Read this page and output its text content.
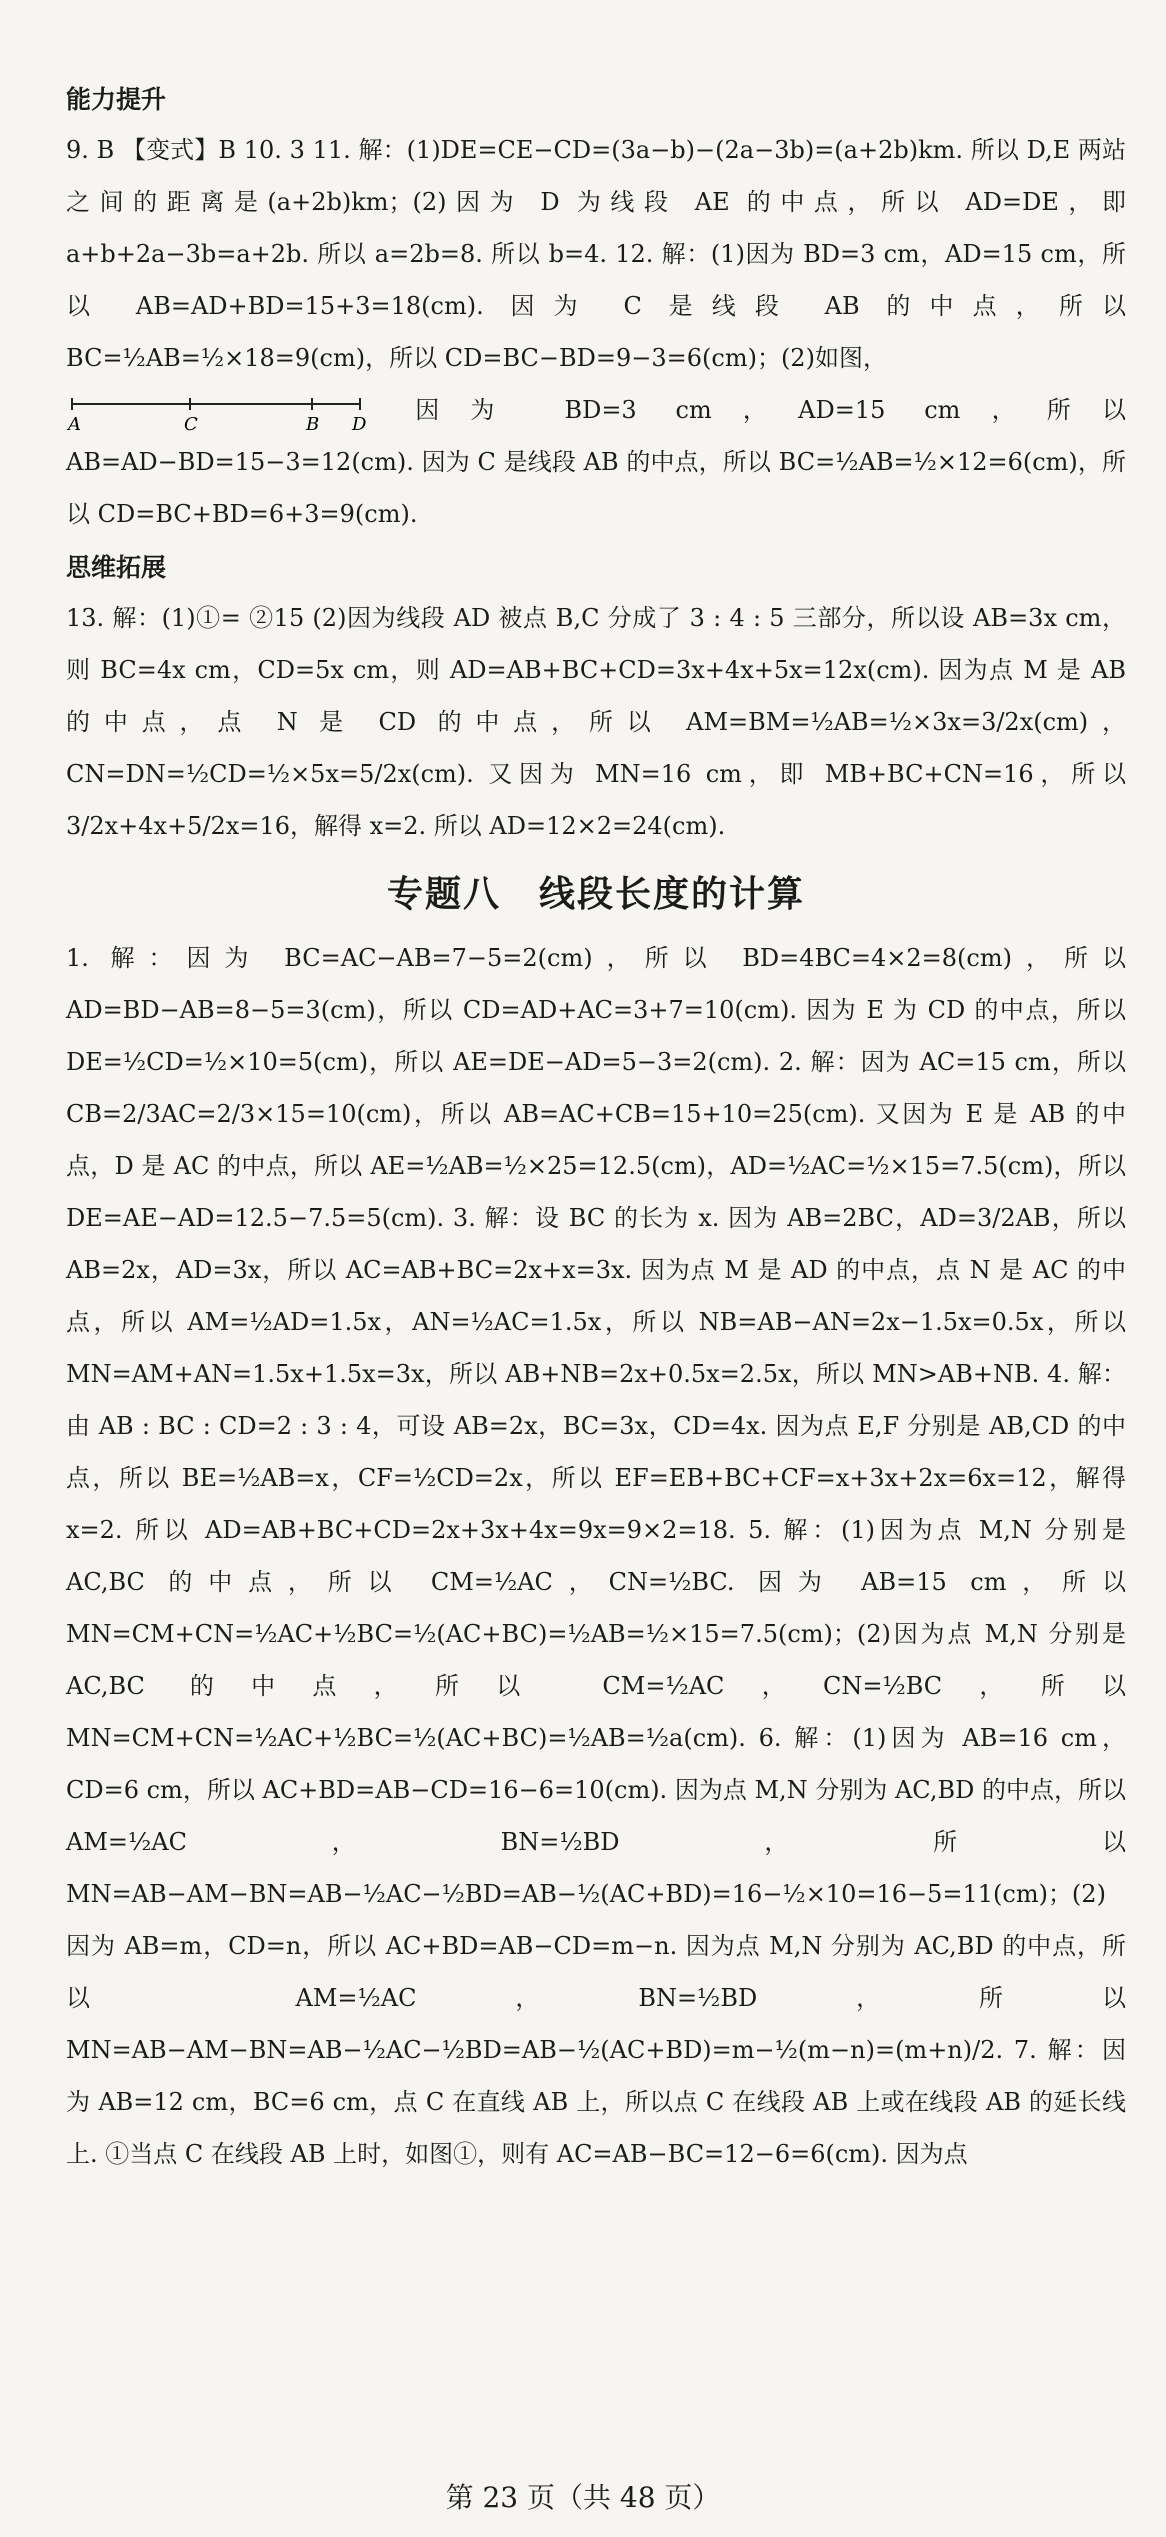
能力提升

9. B 【变式】B 10. 3 11. 解：(1)DE=CE−CD=(3a−b)−(2a−3b)=(a+2b)km. 所以 D,E 两站之间的距离是(a+2b)km；(2)因为 D 为线段 AE 的中点，所以 AD=DE，即 a+b+2a−3b=a+2b. 所以 a=2b=8. 所以 b=4. 12. 解：(1)因为 BD=3 cm，AD=15 cm，所以 AB=AD+BD=15+3=18(cm). 因为 C 是线段 AB 的中点，所以 BC=½AB=½×18=9(cm)，所以 CD=BC−BD=9−3=6(cm)；(2)如图，

A	C	B D 因为 BD=3 cm，AD=15 cm，所以 AB=AD−BD=15−3=12(cm). 因为 C 是线段 AB 的中点，所以 BC=½AB=½×12=6(cm)，所以 CD=BC+BD=6+3=9(cm).

思维拓展

13. 解：(1)①= ②15 (2)因为线段 AD 被点 B,C 分成了 3 : 4 : 5 三部分，所以设 AB=3x cm，则 BC=4x cm，CD=5x cm，则 AD=AB+BC+CD=3x+4x+5x=12x(cm). 因为点 M 是 AB 的中点，点 N 是 CD 的中点，所以 AM=BM=½AB=½×3x=3/2x(cm)，CN=DN=½CD=½×5x=5/2x(cm). 又因为 MN=16 cm，即 MB+BC+CN=16，所以3/2x+4x+5/2x=16，解得 x=2. 所以 AD=12×2=24(cm).

专题八　线段长度的计算

1. 解：因为 BC=AC−AB=7−5=2(cm)，所以 BD=4BC=4×2=8(cm)，所以 AD=BD−AB=8−5=3(cm)，所以 CD=AD+AC=3+7=10(cm). 因为 E 为 CD 的中点，所以 DE=½CD=½×10=5(cm)，所以 AE=DE−AD=5−3=2(cm). 2. 解：因为 AC=15 cm，所以 CB=2/3AC=2/3×15=10(cm)，所以 AB=AC+CB=15+10=25(cm). 又因为 E 是 AB 的中点，D 是 AC 的中点，所以 AE=½AB=½×25=12.5(cm)，AD=½AC=½×15=7.5(cm)，所以 DE=AE−AD=12.5−7.5=5(cm). 3. 解：设 BC 的长为 x. 因为 AB=2BC，AD=3/2AB，所以 AB=2x，AD=3x，所以 AC=AB+BC=2x+x=3x. 因为点 M 是 AD 的中点，点 N 是 AC 的中点，所以 AM=½AD=1.5x，AN=½AC=1.5x，所以 NB=AB−AN=2x−1.5x=0.5x，所以 MN=AM+AN=1.5x+1.5x=3x，所以 AB+NB=2x+0.5x=2.5x，所以 MN>AB+NB. 4. 解：由 AB : BC : CD=2 : 3 : 4，可设 AB=2x，BC=3x，CD=4x. 因为点 E,F 分别是 AB,CD 的中点，所以 BE=½AB=x，CF=½CD=2x，所以 EF=EB+BC+CF=x+3x+2x=6x=12，解得 x=2. 所以 AD=AB+BC+CD=2x+3x+4x=9x=9×2=18. 5. 解：(1)因为点 M,N 分别是 AC,BC 的中点，所以 CM=½AC，CN=½BC. 因为 AB=15 cm，所以 MN=CM+CN=½AC+½BC=½(AC+BC)=½AB=½×15=7.5(cm)；(2)因为点 M,N 分别是 AC,BC 的中点，所以 CM=½AC，CN=½BC，所以 MN=CM+CN=½AC+½BC=½(AC+BC)=½AB=½a(cm). 6. 解：(1)因为 AB=16 cm，CD=6 cm，所以 AC+BD=AB−CD=16−6=10(cm). 因为点 M,N 分别为 AC,BD 的中点，所以 AM=½AC，BN=½BD，所以 MN=AB−AM−BN=AB−½AC−½BD=AB−½(AC+BD)=16−½×10=16−5=11(cm)；(2)因为 AB=m，CD=n，所以 AC+BD=AB−CD=m−n. 因为点 M,N 分别为 AC,BD 的中点，所以 AM=½AC，BN=½BD，所以 MN=AB−AM−BN=AB−½AC−½BD=AB−½(AC+BD)=m−½(m−n)=(m+n)/2. 7. 解：因为 AB=12 cm，BC=6 cm，点 C 在直线 AB 上，所以点 C 在线段 AB 上或在线段 AB 的延长线上. ①当点 C 在线段 AB 上时，如图①，则有 AC=AB−BC=12−6=6(cm). 因为点

第 23 页（共 48 页）
